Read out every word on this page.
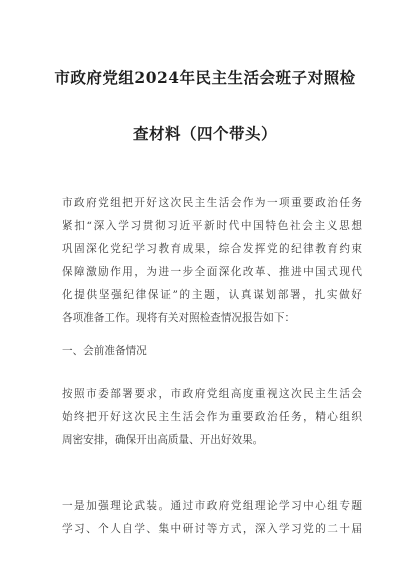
市政府党组2024年民主生活会班子对照检
查材料（四个带头）
市政府党组把开好这次民主生活会作为一项重要政治任务
紧扣“深入学习贯彻习近平新时代中国特色社会主义思想
巩固深化党纪学习教育成果，综合发挥党的纪律教育约束
保障激励作用，为进一步全面深化改革、推进中国式现代
化提供坚强纪律保证”的主题，认真谋划部署，扎实做好
各项准备工作。现将有关对照检查情况报告如下：
一、会前准备情况
按照市委部署要求，市政府党组高度重视这次民主生活会
始终把开好这次民主生活会作为重要政治任务，精心组织
周密安排，确保开出高质量、开出好效果。
一是加强理论武装。通过市政府党组理论学习中心组专题
学习、个人自学、集中研讨等方式，深入学习党的二十届
